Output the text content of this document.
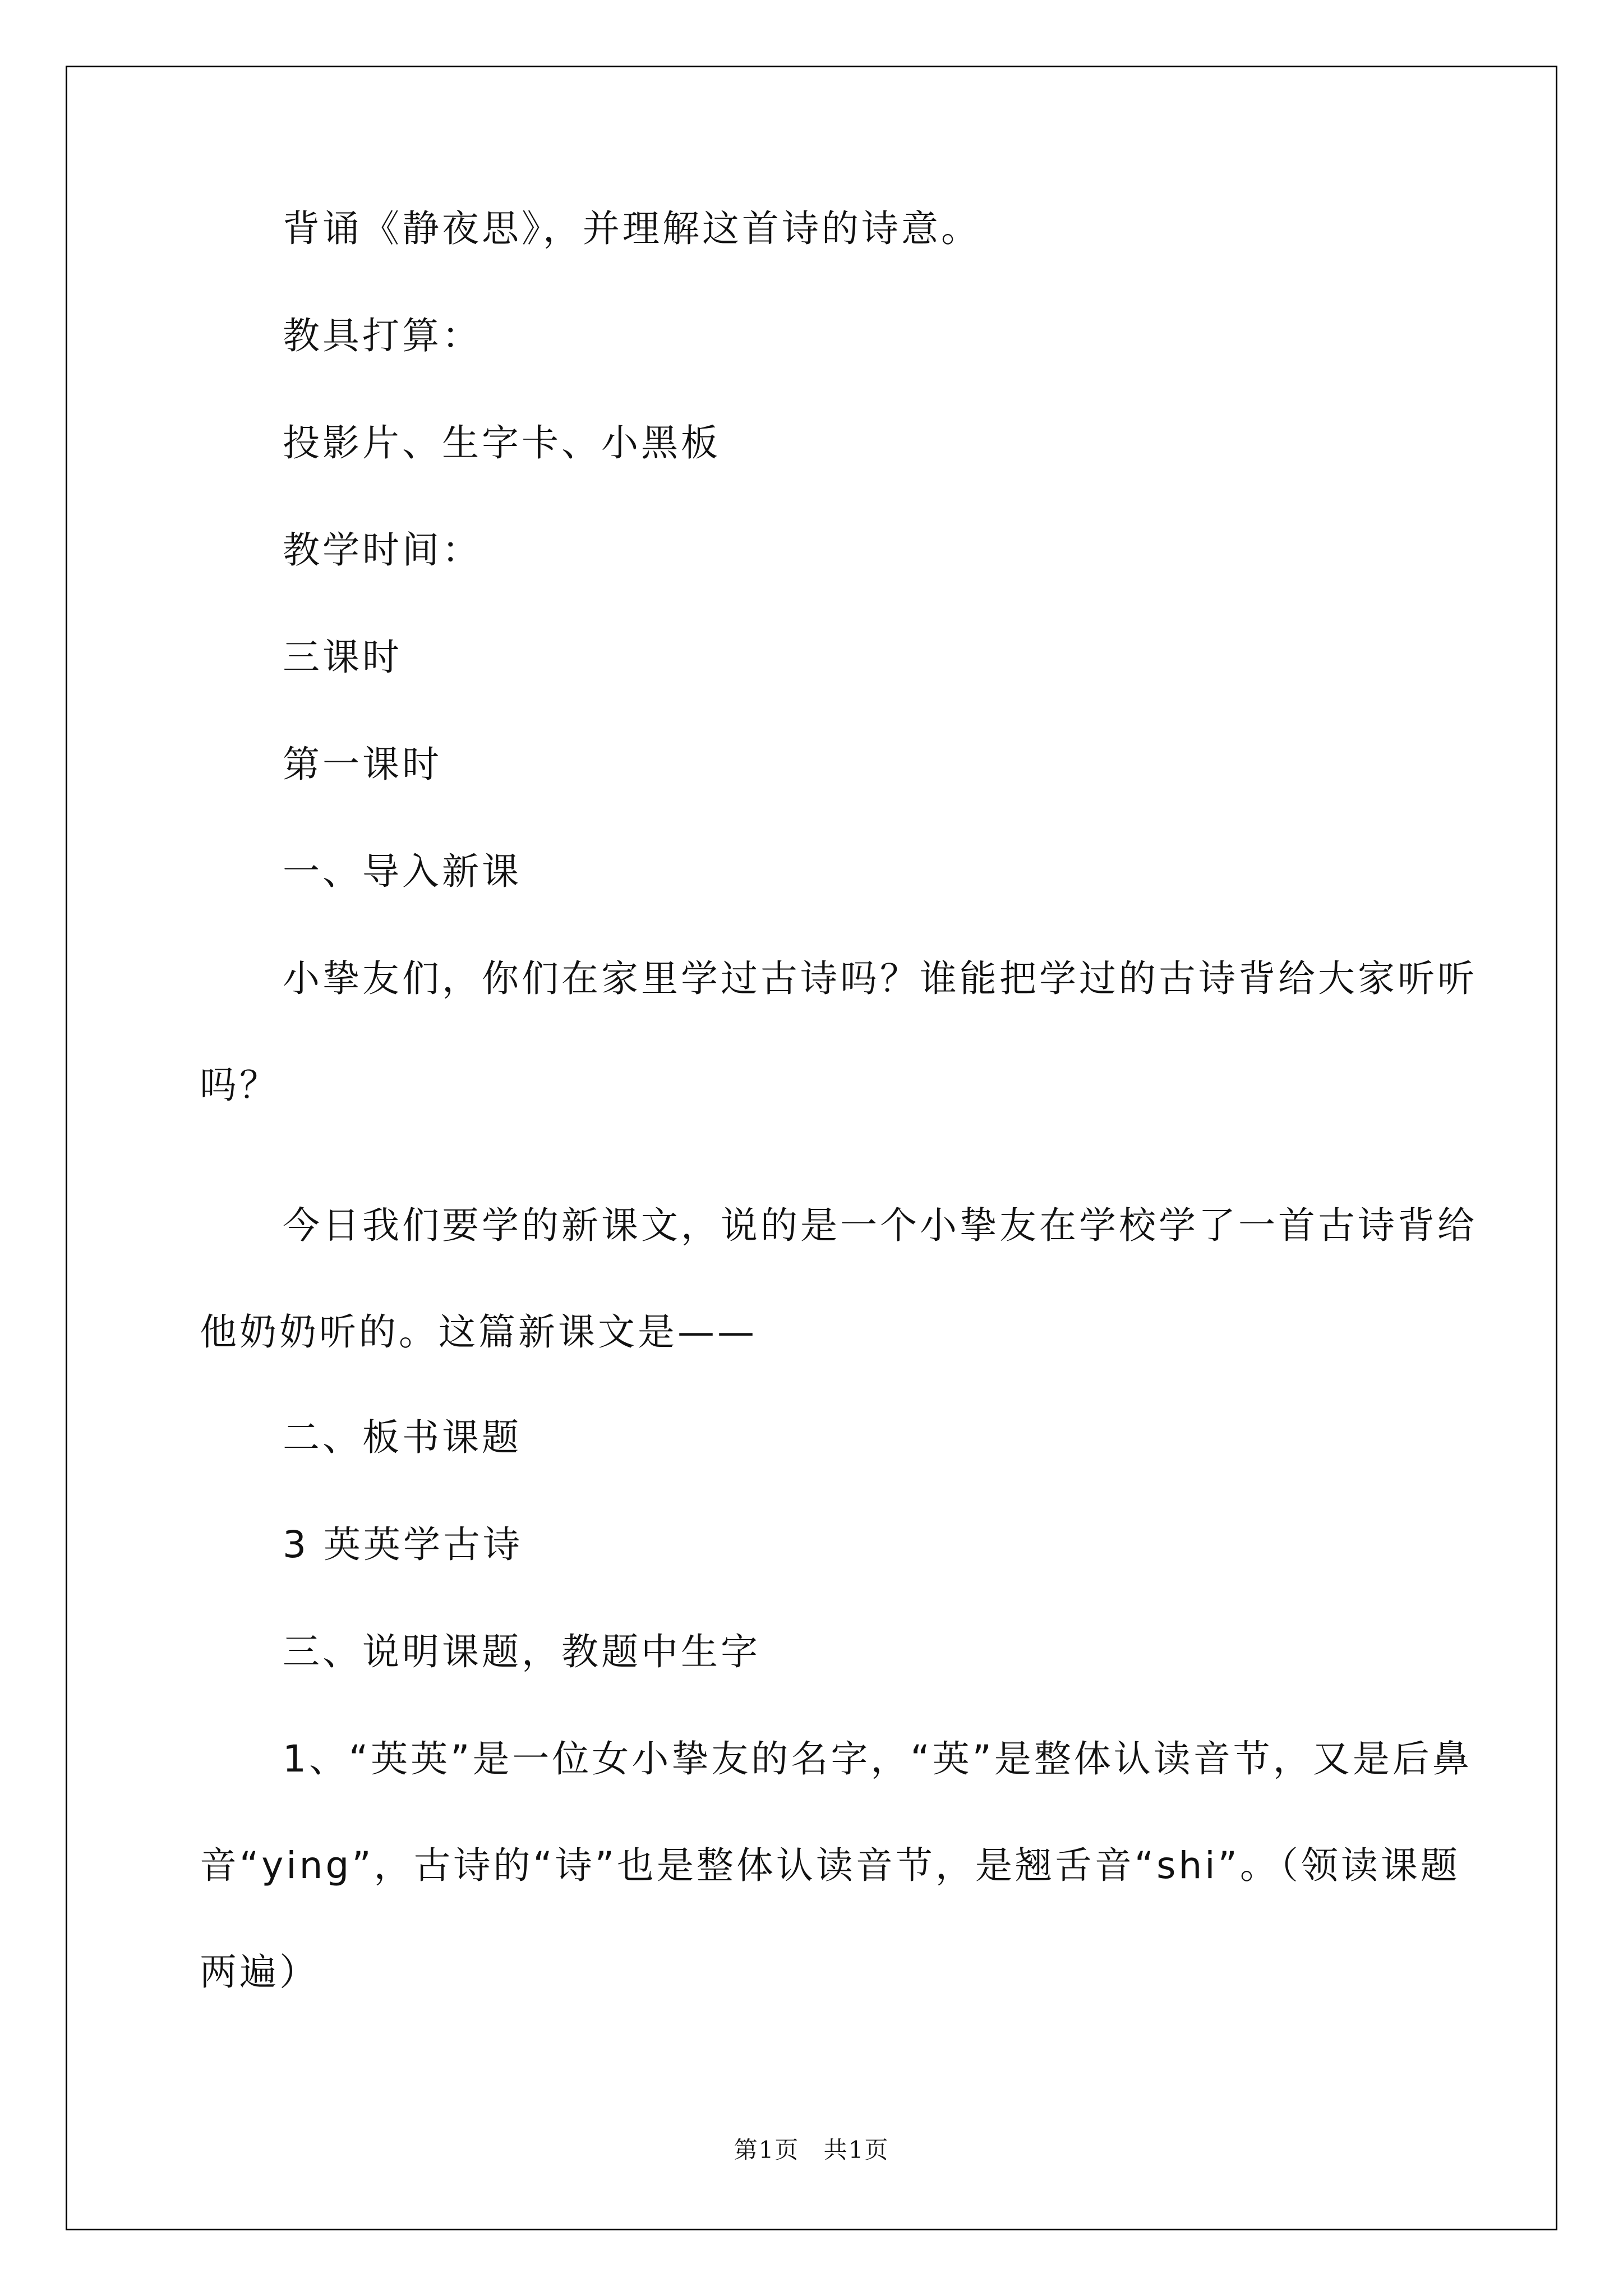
背诵《静夜思》，并理解这首诗的诗意。

教具打算：

投影片、生字卡、小黑板

教学时间：

三课时

第一课时

一、导入新课

小挚友们，你们在家里学过古诗吗？谁能把学过的古诗背给大家听听吗？

今日我们要学的新课文，说的是一个小挚友在学校学了一首古诗背给他奶奶听的。这篇新课文是——

二、板书课题

3 英英学古诗

三、说明课题，教题中生字

1、“英英”是一位女小挚友的名字，“英”是整体认读音节，又是后鼻音“ying”，古诗的“诗”也是整体认读音节，是翘舌音“shi”。（领读课题两遍）

第1页 共1页
